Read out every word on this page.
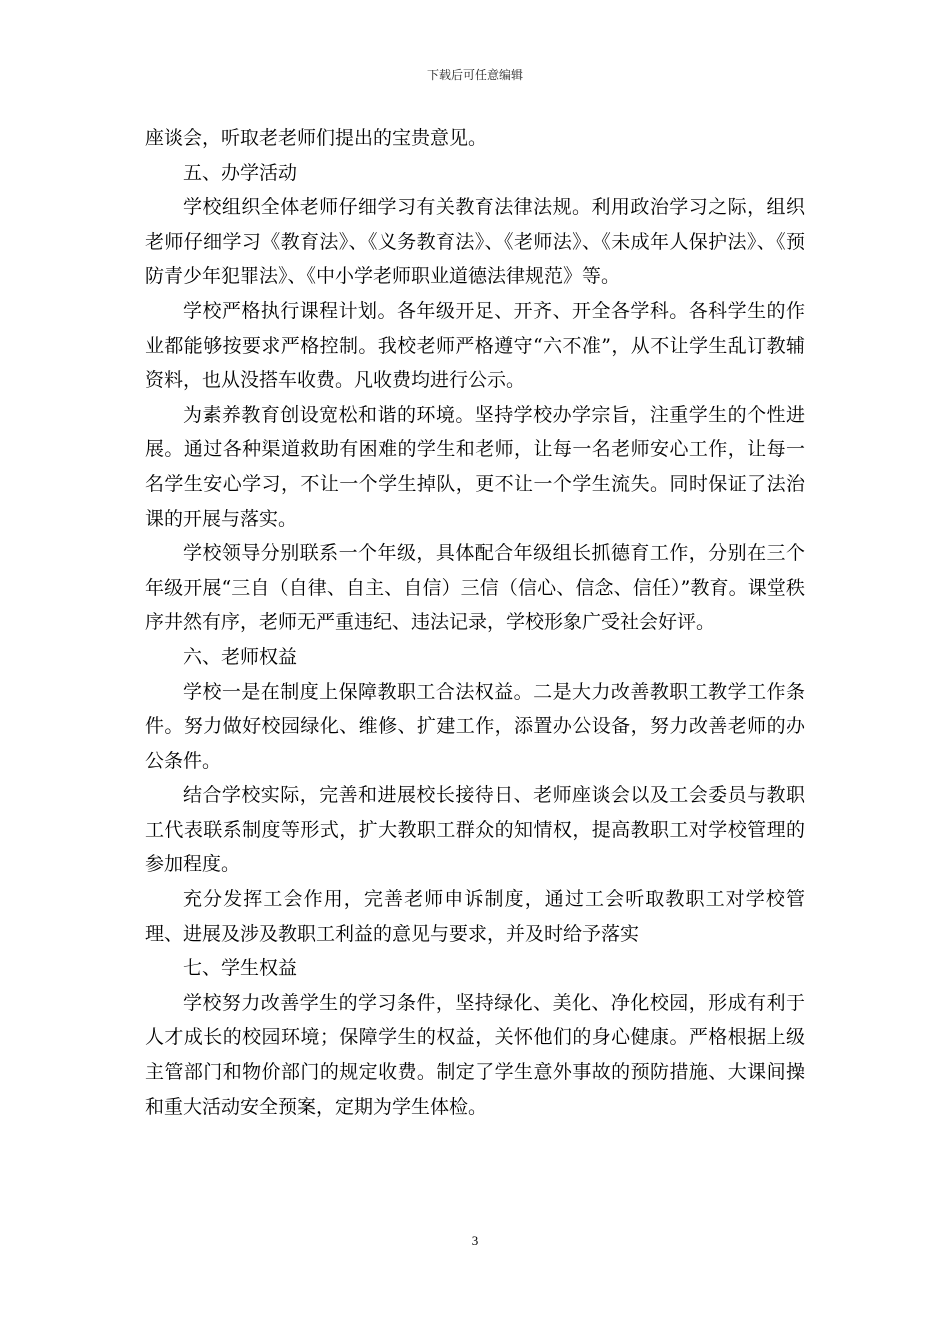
下载后可任意编辑

座谈会，听取老老师们提出的宝贵意见。

五、办学活动

学校组织全体老师仔细学习有关教育法律法规。利用政治学习之际，组织老师仔细学习《教育法》、《义务教育法》、《老师法》、《未成年人保护法》、《预防青少年犯罪法》、《中小学老师职业道德法律规范》等。

学校严格执行课程计划。各年级开足、开齐、开全各学科。各科学生的作业都能够按要求严格控制。我校老师严格遵守“六不准”，从不让学生乱订教辅资料，也从没搭车收费。凡收费均进行公示。

为素养教育创设宽松和谐的环境。坚持学校办学宗旨，注重学生的个性进展。通过各种渠道救助有困难的学生和老师，让每一名老师安心工作，让每一名学生安心学习，不让一个学生掉队，更不让一个学生流失。同时保证了法治课的开展与落实。

学校领导分别联系一个年级，具体配合年级组长抓德育工作，分别在三个年级开展“三自（自律、自主、自信）三信（信心、信念、信任）”教育。课堂秩序井然有序，老师无严重违纪、违法记录，学校形象广受社会好评。

六、老师权益

学校一是在制度上保障教职工合法权益。二是大力改善教职工教学工作条件。努力做好校园绿化、维修、扩建工作，添置办公设备，努力改善老师的办公条件。

结合学校实际，完善和进展校长接待日、老师座谈会以及工会委员与教职工代表联系制度等形式，扩大教职工群众的知情权，提高教职工对学校管理的参加程度。

充分发挥工会作用，完善老师申诉制度，通过工会听取教职工对学校管理、进展及涉及教职工利益的意见与要求，并及时给予落实

七、学生权益

学校努力改善学生的学习条件，坚持绿化、美化、净化校园，形成有利于人才成长的校园环境；保障学生的权益，关怀他们的身心健康。严格根据上级主管部门和物价部门的规定收费。制定了学生意外事故的预防措施、大课间操和重大活动安全预案，定期为学生体检。

3
